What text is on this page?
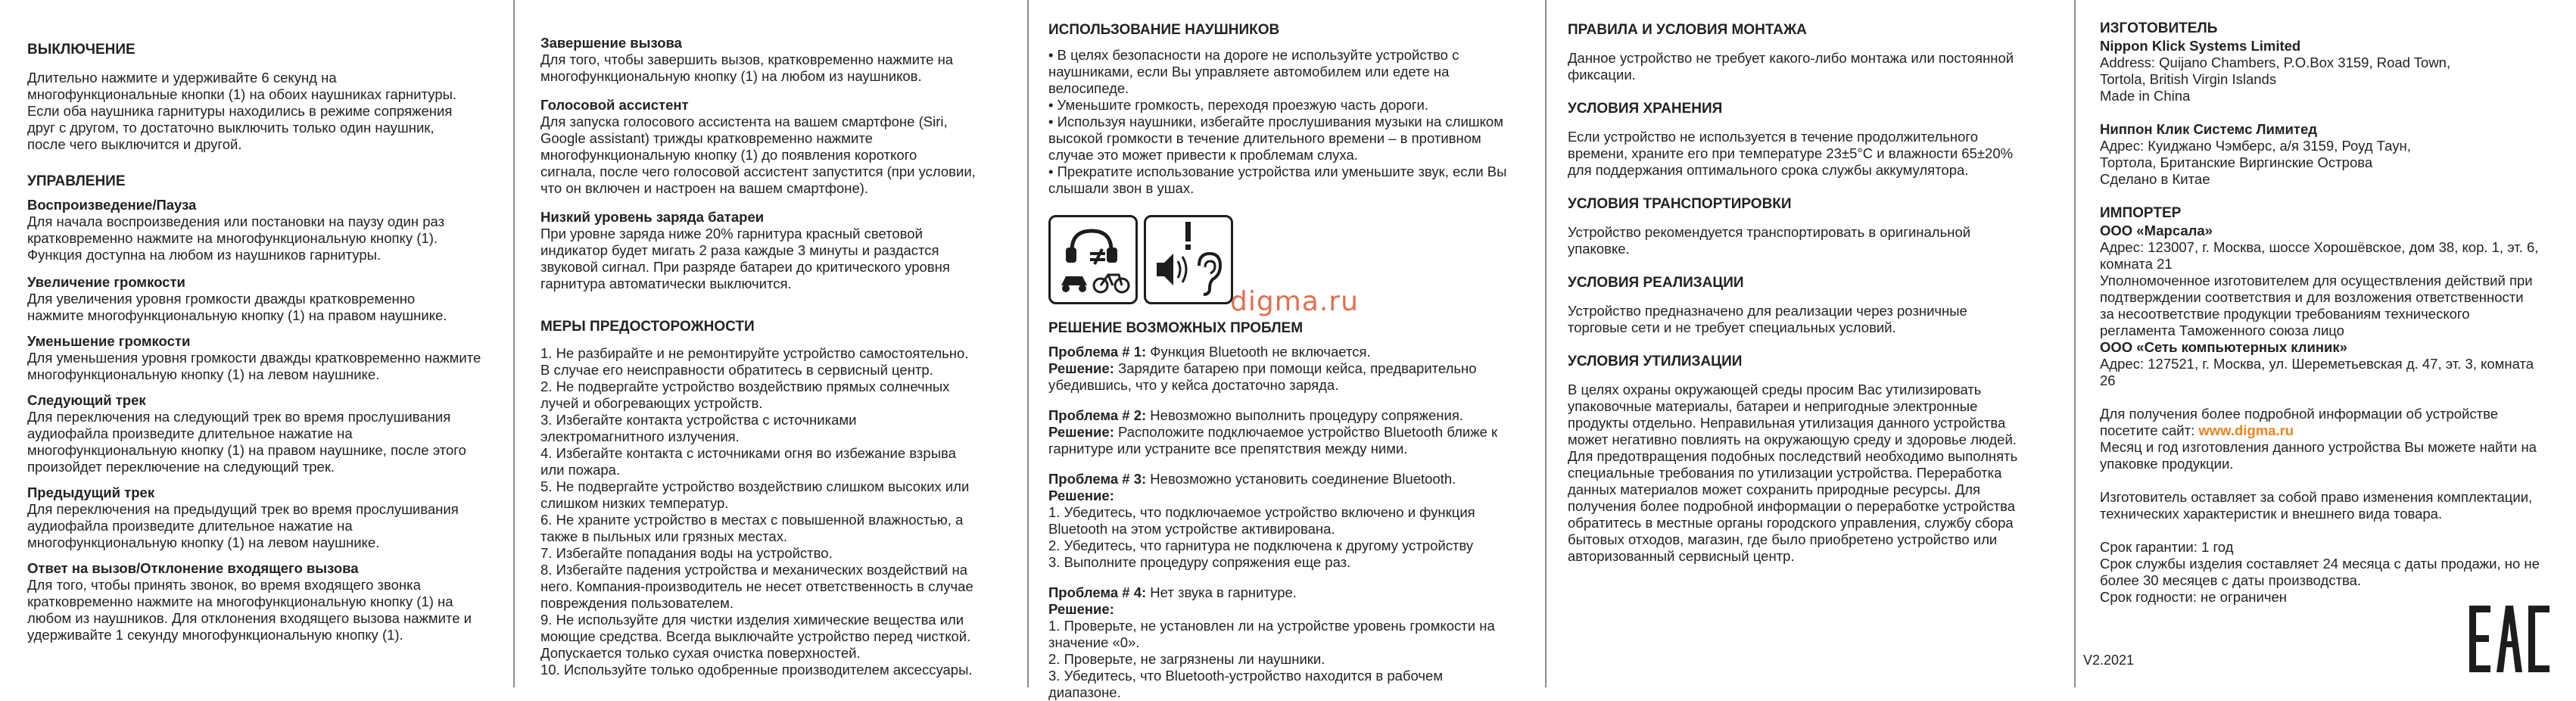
ВЫКЛЮЧЕНИЕ

Длительно нажмите и удерживайте 6 секунд на
многофункциональные кнопки (1) на обоих наушниках гарнитуры.
Если оба наушника гарнитуры находились в режиме сопряжения
друг с другом, то достаточно выключить только один наушник,
после чего выключится и другой.

УПРАВЛЕНИЕ

Воспроизведение/Пауза

Для начала воспроизведения или постановки на паузу один раз
кратковременно нажмите на многофункциональную кнопку (1).
Функция доступна на любом из наушников гарнитуры.

Увеличение громкости

Для увеличения уровня громкости дважды кратковременно
нажмите многофункциональную кнопку (1) на правом наушнике.

Уменьшение громкости

Для уменьшения уровня громкости дважды кратковременно нажмите
многофункциональную кнопку (1) на левом наушнике.

Следующий трек

Для переключения на следующий трек во время прослушивания
аудиофайла произведите длительное нажатие на
многофункциональную кнопку (1) на правом наушнике, после этого
произойдет переключение на следующий трек.

Предыдущий трек

Для переключения на предыдущий трек во время прослушивания
аудиофайла произведите длительное нажатие на
многофункциональную кнопку (1) на левом наушнике.

Ответ на вызов/Отклонение входящего вызова

Для того, чтобы принять звонок, во время входящего звонка
кратковременно нажмите на многофункциональную кнопку (1) на
любом из наушников. Для отклонения входящего вызова нажмите и
удерживайте 1 секунду многофункциональную кнопку (1).

Завершение вызова

Для того, чтобы завершить вызов, кратковременно нажмите на
многофункциональную кнопку (1) на любом из наушников.

Голосовой ассистент

Для запуска голосового ассистента на вашем смартфоне (Siri,
Google assistant) трижды кратковременно нажмите
многофункциональную кнопку (1) до появления короткого
сигнала, после чего голосовой ассистент запустится (при условии,
что он включен и настроен на вашем смартфоне).

Низкий уровень заряда батареи

При уровне заряда ниже 20% гарнитура красный световой
индикатор будет мигать 2 раза каждые 3 минуты и раздастся
звуковой сигнал. При разряде батареи до критического уровня
гарнитура автоматически выключится.

МЕРЫ ПРЕДОСТОРОЖНОСТИ

1. Не разбирайте и не ремонтируйте устройство самостоятельно.
В случае его неисправности обратитесь в сервисный центр.

2. Не подвергайте устройство воздействию прямых солнечных
лучей и обогревающих устройств.

3. Избегайте контакта устройства с источниками
электромагнитного излучения.

4. Избегайте контакта с источниками огня во избежание взрыва
или пожара.

5. Не подвергайте устройство воздействию слишком высоких или
слишком низких температур.

6. Не храните устройство в местах с повышенной влажностью, а
также в пыльных или грязных местах.

7. Избегайте попадания воды на устройство.

8. Избегайте падения устройства и механических воздействий на
него. Компания-производитель не несет ответственность в случае
повреждения пользователем.

9. Не используйте для чистки изделия химические вещества или
моющие средства. Всегда выключайте устройство перед чисткой.
Допускается только сухая очистка поверхностей.

10. Используйте только одобренные производителем аксессуары.

ИСПОЛЬЗОВАНИЕ НАУШНИКОВ

• В целях безопасности на дороге не используйте устройство с
наушниками, если Вы управляете автомобилем или едете на
велосипеде.
• Уменьшите громкость, переходя проезжую часть дороги.
• Используя наушники, избегайте прослушивания музыки на слишком
высокой громкости в течение длительного времени – в противном
случае это может привести к проблемам слуха.
• Прекратите использование устройства или уменьшите звук, если Вы
слышали звон в ушах.

РЕШЕНИЕ ВОЗМОЖНЫХ ПРОБЛЕМ

Проблема # 1: Функция Bluetooth не включается.
Решение: Зарядите батарею при помощи кейса, предварительно
убедившись, что у кейса достаточно заряда.
Проблема # 2: Невозможно выполнить процедуру сопряжения.
Решение: Расположите подключаемое устройство Bluetooth ближе к
гарнитуре или устраните все препятствия между ними.
Проблема # 3: Невозможно установить соединение Bluetooth.
Решение:
1. Убедитесь, что подключаемое устройство включено и функция
Bluetooth на этом устройстве активирована.
2. Убедитесь, что гарнитура не подключена к другому устройству
3. Выполните процедуру сопряжения еще раз.
Проблема # 4: Нет звука в гарнитуре.
Решение:
1. Проверьте, не установлен ли на устройстве уровень громкости на
значение «0».
2. Проверьте, не загрязнены ли наушники.
3. Убедитесь, что Bluetooth-устройство находится в рабочем
диапазоне.
digma.ru

ПРАВИЛА И УСЛОВИЯ МОНТАЖА

Данное устройство не требует какого-либо монтажа или постоянной
фиксации.

УСЛОВИЯ ХРАНЕНИЯ

Если устройство не используется в течение продолжительного
времени, храните его при температуре 23±5°C и влажности 65±20%
для поддержания оптимального срока службы аккумулятора.

УСЛОВИЯ ТРАНСПОРТИРОВКИ

Устройство рекомендуется транспортировать в оригинальной
упаковке.

УСЛОВИЯ РЕАЛИЗАЦИИ

Устройство предназначено для реализации через розничные
торговые сети и не требует специальных условий.

УСЛОВИЯ УТИЛИЗАЦИИ

В целях охраны окружающей среды просим Вас утилизировать
упаковочные материалы, батареи и непригодные электронные
продукты отдельно. Неправильная утилизация данного устройства
может негативно повлиять на окружающую среду и здоровье людей.
Для предотвращения подобных последствий необходимо выполнять
специальные требования по утилизации устройства. Переработка
данных материалов может сохранить природные ресурсы. Для
получения более подробной информации о переработке устройства
обратитесь в местные органы городского управления, службу сбора
бытовых отходов, магазин, где было приобретено устройство или
авторизованный сервисный центр.

ИЗГОТОВИТЕЛЬ

Nippon Klick Systems Limited

Address: Quijano Chambers, P.O.Box 3159, Road Town,
Tortola, British Virgin Islands
Made in China

Ниппон Клик Системс Лимитед

Адрес: Куиджано Чэмберс, а/я 3159, Роуд Таун,
Тортола, Британские Виргинские Острова
Сделано в Китае

ИМПОРТЕР

ООО «Марсала»

Адрес: 123007, г. Москва, шоссе Хорошёвское, дом 38, кор. 1, эт. 6,
комната 21
Уполномоченное изготовителем для осуществления действий при
подтверждении соответствия и для возложения ответственности
за несоответствие продукции требованиям технического
регламента Таможенного союза лицо

ООО «Сеть компьютерных клиник»

Адрес: 127521, г. Москва, ул. Шереметьевская д. 47, эт. 3, комната
26

Для получения более подробной информации об устройстве
посетите сайт: www.digma.ru
Месяц и год изготовления данного устройства Вы можете найти на
упаковке продукции.

Изготовитель оставляет за собой право изменения комплектации,
технических характеристик и внешнего вида товара.

Срок гарантии: 1 год
Срок службы изделия составляет 24 месяца с даты продажи, но не
более 30 месяцев с даты производства.
Срок годности: не ограничен

V2.2021
